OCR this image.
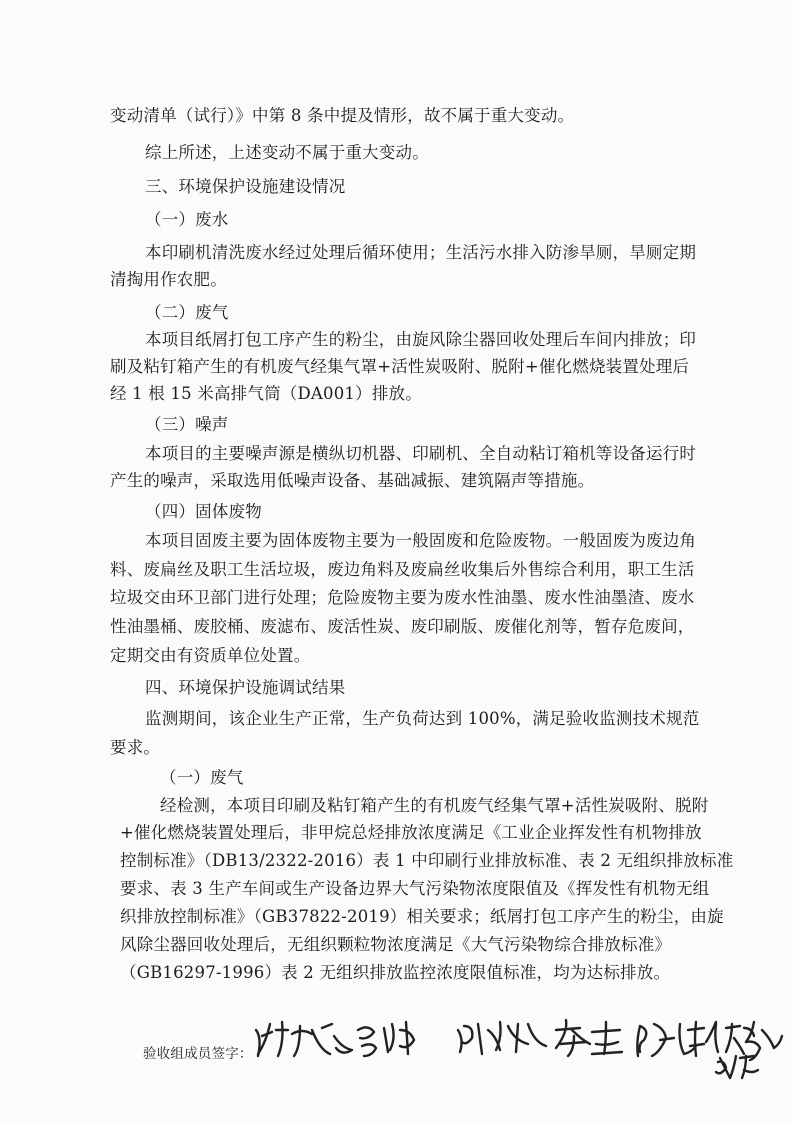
变动清单（试行）》中第 8 条中提及情形，故不属于重大变动。

综上所述，上述变动不属于重大变动。

三、环境保护设施建设情况

（一）废水

本印刷机清洗废水经过处理后循环使用；生活污水排入防渗旱厕，旱厕定期

清掏用作农肥。

（二）废气

本项目纸屑打包工序产生的粉尘，由旋风除尘器回收处理后车间内排放；印

刷及粘钉箱产生的有机废气经集气罩+活性炭吸附、脱附+催化燃烧装置处理后

经 1 根 15 米高排气筒（DA001）排放。

（三）噪声

本项目的主要噪声源是横纵切机器、印刷机、全自动粘订箱机等设备运行时

产生的噪声，采取选用低噪声设备、基础减振、建筑隔声等措施。

（四）固体废物

本项目固废主要为固体废物主要为一般固废和危险废物。一般固废为废边角

料、废扁丝及职工生活垃圾，废边角料及废扁丝收集后外售综合利用，职工生活

垃圾交由环卫部门进行处理；危险废物主要为废水性油墨、废水性油墨渣、废水

性油墨桶、废胶桶、废滤布、废活性炭、废印刷版、废催化剂等，暂存危废间，

定期交由有资质单位处置。

四、环境保护设施调试结果

监测期间，该企业生产正常，生产负荷达到 100%，满足验收监测技术规范

要求。

（一）废气

经检测，本项目印刷及粘钉箱产生的有机废气经集气罩+活性炭吸附、脱附

+催化燃烧装置处理后，非甲烷总烃排放浓度满足《工业企业挥发性有机物排放

控制标准》（DB13/2322-2016）表 1 中印刷行业排放标准、表 2 无组织排放标准

要求、表 3 生产车间或生产设备边界大气污染物浓度限值及《挥发性有机物无组

织排放控制标准》（GB37822-2019）相关要求；纸屑打包工序产生的粉尘，由旋

风除尘器回收处理后，无组织颗粒物浓度满足《大气污染物综合排放标准》

（GB16297-1996）表 2 无组织排放监控浓度限值标准，均为达标排放。

验收组成员签字：
